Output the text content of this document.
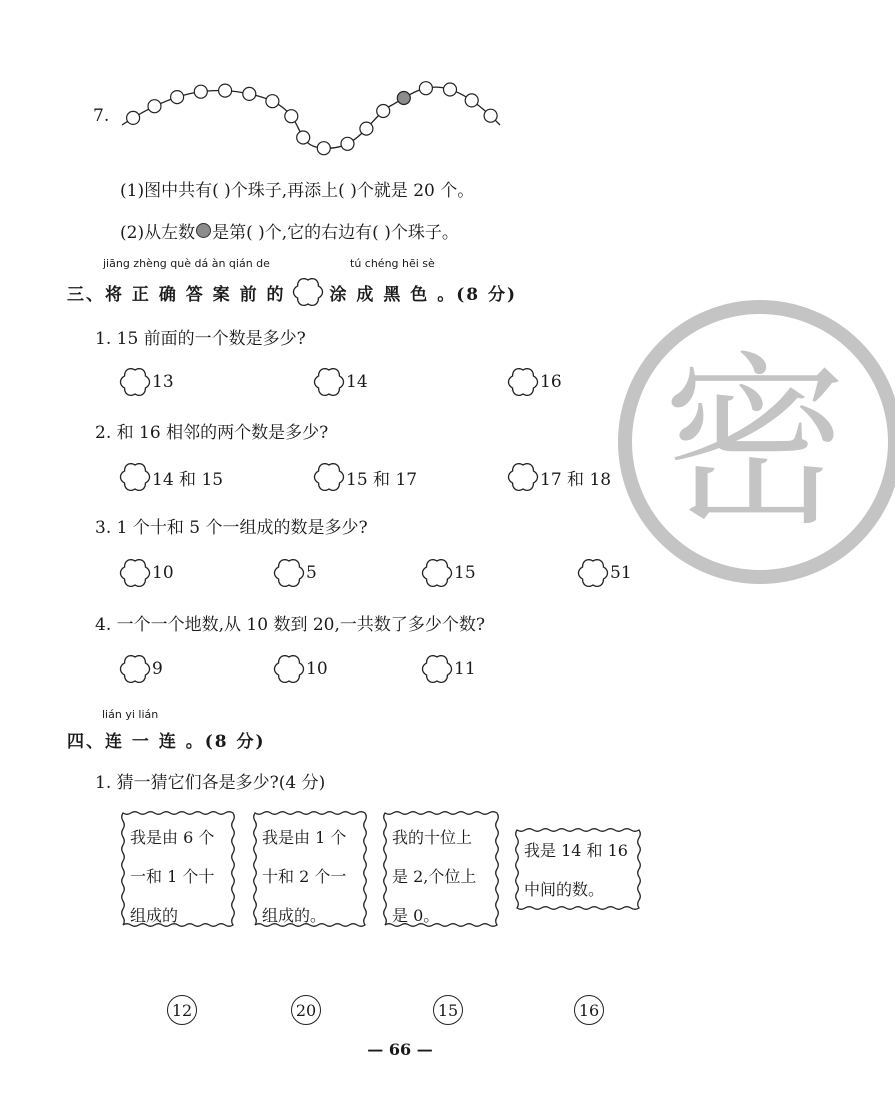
7.
(1)图中共有( )个珠子,再添上( )个就是 20 个。
(2)从左数 是第( )个,它的右边有( )个珠子。
jiāng zhèng què dá àn qián de	tú chéng hēi sè
三、将 正 确 答 案 前 的	涂 成 黑 色 。(8 分)
1. 15 前面的一个数是多少?
13	14	16
2. 和 16 相邻的两个数是多少?
14 和 15	15 和 17	17 和 18
3. 1 个十和 5 个一组成的数是多少?
10	5	15	51
4. 一个一个地数,从 10 数到 20,一共数了多少个数?
9	10	11
密
lián yi lián
四、连 一 连 。(8 分)
1. 猜一猜它们各是多少?(4 分)
我是由 6 个
一和 1 个十
组成的
我是由 1 个
十和 2 个一
组成的。
我的十位上
是 2,个位上
是 0。
我是 14 和 16
中间的数。
12	20	15	16
— 66 —
